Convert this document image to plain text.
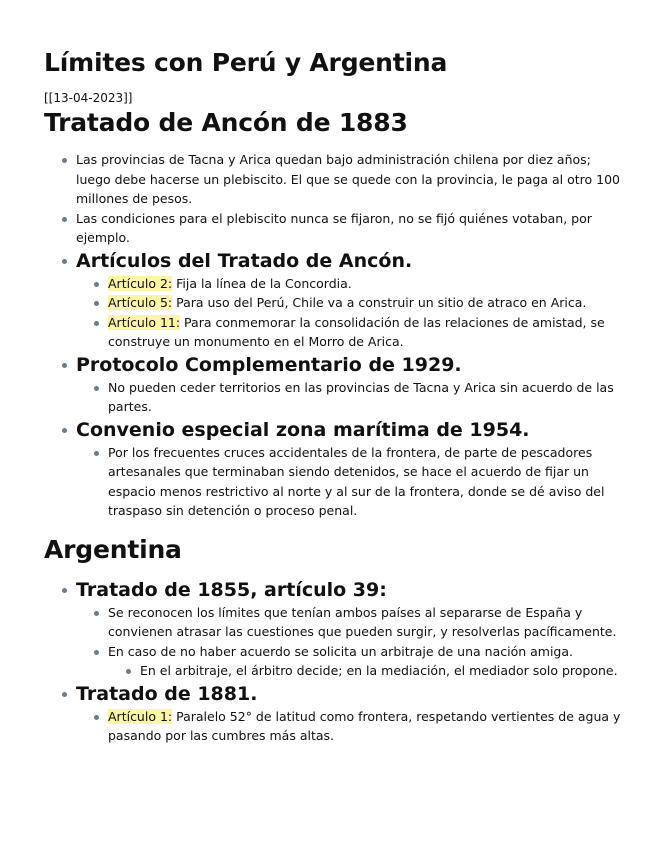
Límites con Perú y Argentina
[[13-04-2023]]
Tratado de Ancón de 1883
Las provincias de Tacna y Arica quedan bajo administración chilena por diez años; luego debe hacerse un plebiscito. El que se quede con la provincia, le paga al otro 100 millones de pesos.
Las condiciones para el plebiscito nunca se fijaron, no se fijó quiénes votaban, por ejemplo.
Artículos del Tratado de Ancón.
Artículo 2: Fija la línea de la Concordia.
Artículo 5: Para uso del Perú, Chile va a construir un sitio de atraco en Arica.
Artículo 11: Para conmemorar la consolidación de las relaciones de amistad, se construye un monumento en el Morro de Arica.
Protocolo Complementario de 1929.
No pueden ceder territorios en las provincias de Tacna y Arica sin acuerdo de las partes.
Convenio especial zona marítima de 1954.
Por los frecuentes cruces accidentales de la frontera, de parte de pescadores artesanales que terminaban siendo detenidos, se hace el acuerdo de fijar un espacio menos restrictivo al norte y al sur de la frontera, donde se dé aviso del traspaso sin detención o proceso penal.
Argentina
Tratado de 1855, artículo 39:
Se reconocen los límites que tenían ambos países al separarse de España y convienen atrasar las cuestiones que pueden surgir, y resolverlas pacíficamente.
En caso de no haber acuerdo se solicita un arbitraje de una nación amiga.
En el arbitraje, el árbitro decide; en la mediación, el mediador solo propone.
Tratado de 1881.
Artículo 1: Paralelo 52° de latitud como frontera, respetando vertientes de agua y pasando por las cumbres más altas.
